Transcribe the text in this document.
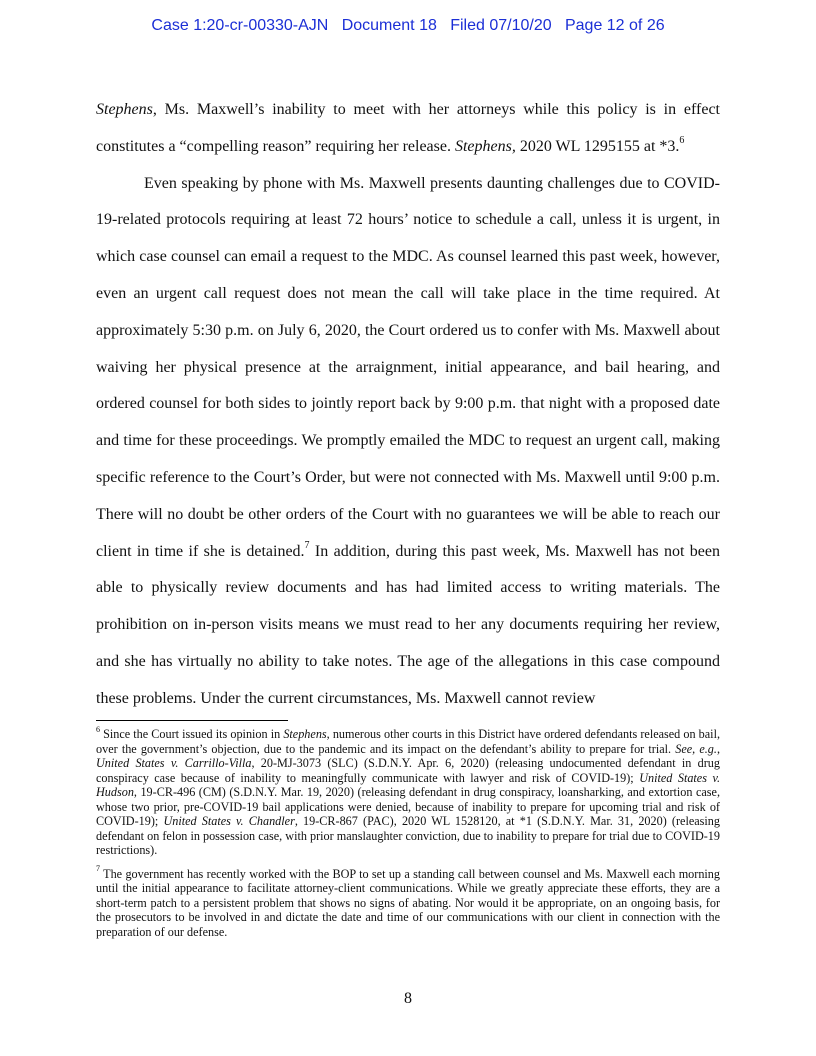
Case 1:20-cr-00330-AJN Document 18 Filed 07/10/20 Page 12 of 26

Stephens, Ms. Maxwell’s inability to meet with her attorneys while this policy is in effect constitutes a “compelling reason” requiring her release. Stephens, 2020 WL 1295155 at *3.$^6$

Even speaking by phone with Ms. Maxwell presents daunting challenges due to COVID-19-related protocols requiring at least 72 hours’ notice to schedule a call, unless it is urgent, in which case counsel can email a request to the MDC. As counsel learned this past week, however, even an urgent call request does not mean the call will take place in the time required. At approximately 5:30 p.m. on July 6, 2020, the Court ordered us to confer with Ms. Maxwell about waiving her physical presence at the arraignment, initial appearance, and bail hearing, and ordered counsel for both sides to jointly report back by 9:00 p.m. that night with a proposed date and time for these proceedings. We promptly emailed the MDC to request an urgent call, making specific reference to the Court’s Order, but were not connected with Ms. Maxwell until 9:00 p.m. There will no doubt be other orders of the Court with no guarantees we will be able to reach our client in time if she is detained.$^7$ In addition, during this past week, Ms. Maxwell has not been able to physically review documents and has had limited access to writing materials. The prohibition on in-person visits means we must read to her any documents requiring her review, and she has virtually no ability to take notes. The age of the allegations in this case compound these problems. Under the current circumstances, Ms. Maxwell cannot review

$^6$ Since the Court issued its opinion in Stephens, numerous other courts in this District have ordered defendants released on bail, over the government’s objection, due to the pandemic and its impact on the defendant’s ability to prepare for trial. See, e.g., United States v. Carrillo-Villa, 20-MJ-3073 (SLC) (S.D.N.Y. Apr. 6, 2020) (releasing undocumented defendant in drug conspiracy case because of inability to meaningfully communicate with lawyer and risk of COVID-19); United States v. Hudson, 19-CR-496 (CM) (S.D.N.Y. Mar. 19, 2020) (releasing defendant in drug conspiracy, loansharking, and extortion case, whose two prior, pre-COVID-19 bail applications were denied, because of inability to prepare for upcoming trial and risk of COVID-19); United States v. Chandler, 19-CR-867 (PAC), 2020 WL 1528120, at *1 (S.D.N.Y. Mar. 31, 2020) (releasing defendant on felon in possession case, with prior manslaughter conviction, due to inability to prepare for trial due to COVID-19 restrictions).

$^7$ The government has recently worked with the BOP to set up a standing call between counsel and Ms. Maxwell each morning until the initial appearance to facilitate attorney-client communications. While we greatly appreciate these efforts, they are a short-term patch to a persistent problem that shows no signs of abating. Nor would it be appropriate, on an ongoing basis, for the prosecutors to be involved in and dictate the date and time of our communications with our client in connection with the preparation of our defense.

8
